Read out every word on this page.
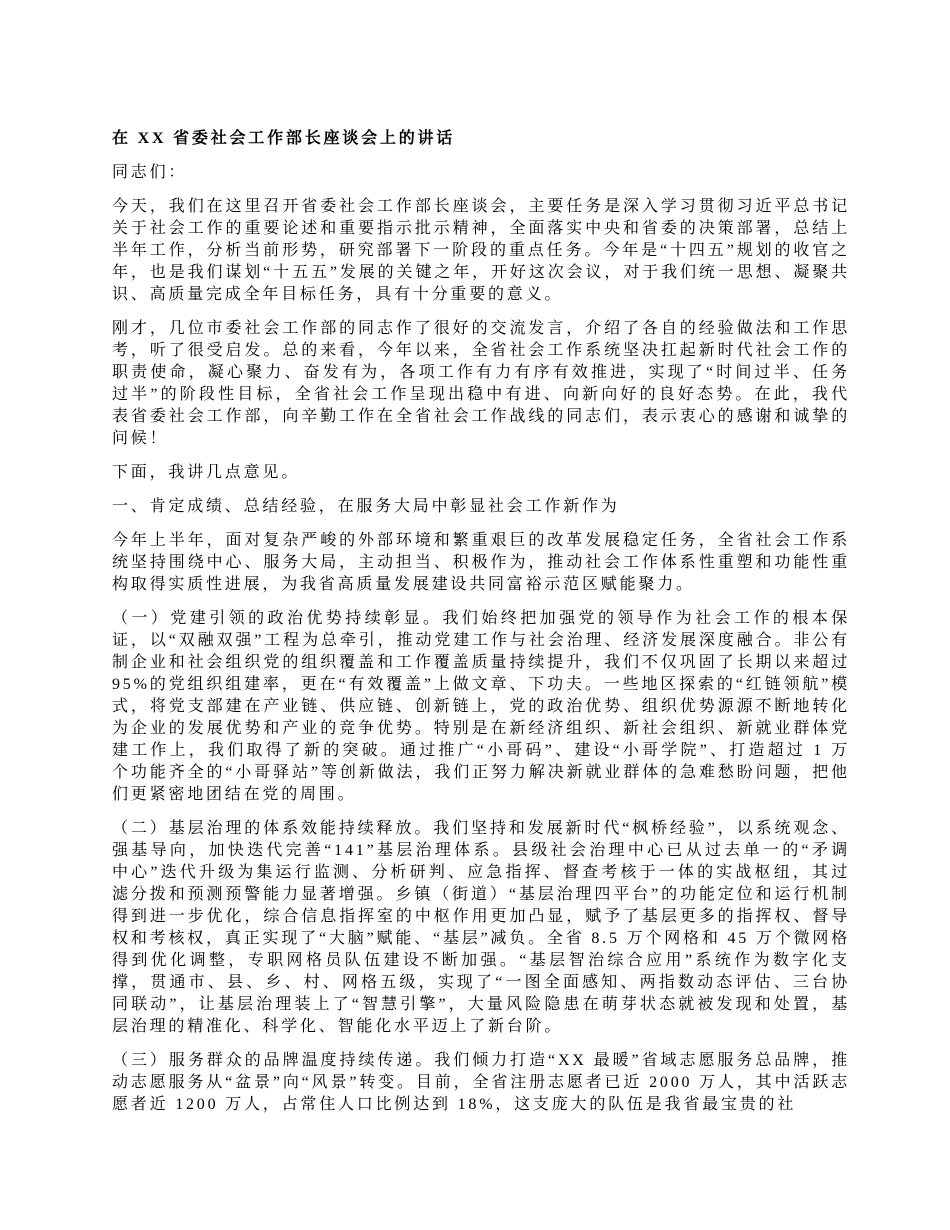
在 XX 省委社会工作部长座谈会上的讲话

同志们：

今天，我们在这里召开省委社会工作部长座谈会，主要任务是深入学习贯彻习近平总书记关于社会工作的重要论述和重要指示批示精神，全面落实中央和省委的决策部署，总结上半年工作，分析当前形势，研究部署下一阶段的重点任务。今年是“十四五”规划的收官之年，也是我们谋划“十五五”发展的关键之年，开好这次会议，对于我们统一思想、凝聚共识、高质量完成全年目标任务，具有十分重要的意义。

刚才，几位市委社会工作部的同志作了很好的交流发言，介绍了各自的经验做法和工作思考，听了很受启发。总的来看，今年以来，全省社会工作系统坚决扛起新时代社会工作的职责使命，凝心聚力、奋发有为，各项工作有力有序有效推进，实现了“时间过半、任务过半”的阶段性目标，全省社会工作呈现出稳中有进、向新向好的良好态势。在此，我代表省委社会工作部，向辛勤工作在全省社会工作战线的同志们，表示衷心的感谢和诚挚的问候！

下面，我讲几点意见。

一、肯定成绩、总结经验，在服务大局中彰显社会工作新作为

今年上半年，面对复杂严峻的外部环境和繁重艰巨的改革发展稳定任务，全省社会工作系统坚持围绕中心、服务大局，主动担当、积极作为，推动社会工作体系性重塑和功能性重构取得实质性进展，为我省高质量发展建设共同富裕示范区赋能聚力。

（一）党建引领的政治优势持续彰显。我们始终把加强党的领导作为社会工作的根本保证，以“双融双强”工程为总牵引，推动党建工作与社会治理、经济发展深度融合。非公有制企业和社会组织党的组织覆盖和工作覆盖质量持续提升，我们不仅巩固了长期以来超过 95%的党组织组建率，更在“有效覆盖”上做文章、下功夫。一些地区探索的“红链领航”模式，将党支部建在产业链、供应链、创新链上，党的政治优势、组织优势源源不断地转化为企业的发展优势和产业的竞争优势。特别是在新经济组织、新社会组织、新就业群体党建工作上，我们取得了新的突破。通过推广“小哥码”、建设“小哥学院”、打造超过 1 万个功能齐全的“小哥驿站”等创新做法，我们正努力解决新就业群体的急难愁盼问题，把他们更紧密地团结在党的周围。

（二）基层治理的体系效能持续释放。我们坚持和发展新时代“枫桥经验”，以系统观念、强基导向，加快迭代完善“141”基层治理体系。县级社会治理中心已从过去单一的“矛调中心”迭代升级为集运行监测、分析研判、应急指挥、督查考核于一体的实战枢纽，其过滤分拨和预测预警能力显著增强。乡镇（街道）“基层治理四平台”的功能定位和运行机制得到进一步优化，综合信息指挥室的中枢作用更加凸显，赋予了基层更多的指挥权、督导权和考核权，真正实现了“大脑”赋能、“基层”减负。全省 8.5 万个网格和 45 万个微网格得到优化调整，专职网格员队伍建设不断加强。“基层智治综合应用”系统作为数字化支撑，贯通市、县、乡、村、网格五级，实现了“一图全面感知、两指数动态评估、三台协同联动”，让基层治理装上了“智慧引擎”，大量风险隐患在萌芽状态就被发现和处置，基层治理的精准化、科学化、智能化水平迈上了新台阶。

（三）服务群众的品牌温度持续传递。我们倾力打造“XX 最暖”省域志愿服务总品牌，推动志愿服务从“盆景”向“风景”转变。目前，全省注册志愿者已近 2000 万人，其中活跃志愿者近 1200 万人，占常住人口比例达到 18%，这支庞大的队伍是我省最宝贵的社
